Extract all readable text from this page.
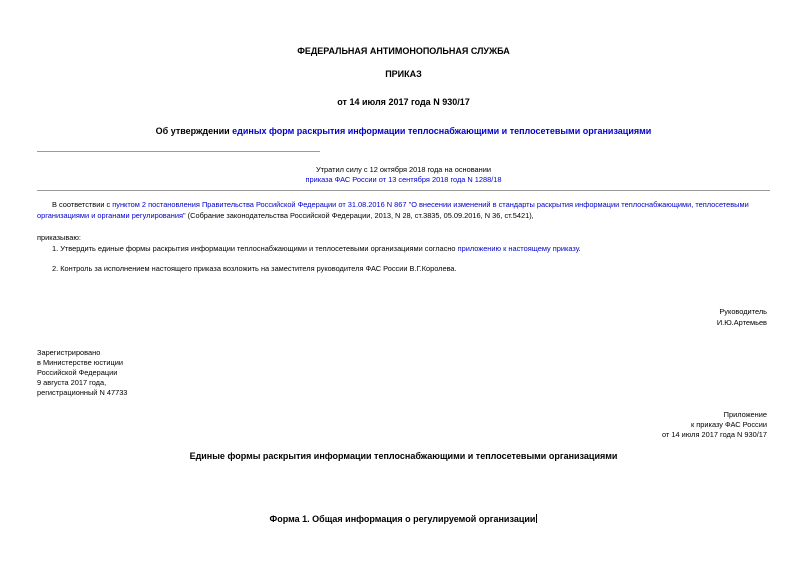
ФЕДЕРАЛЬНАЯ АНТИМОНОПОЛЬНАЯ СЛУЖБА
ПРИКАЗ
от 14 июля 2017 года N 930/17
Об утверждении единых форм раскрытия информации теплоснабжающими и теплосетевыми организациями
Утратил силу с 12 октября 2018 года на основании
приказа ФАС России от 13 сентября 2018 года N 1288/18
В соответствии с пунктом 2 постановления Правительства Российской Федерации от 31.08.2016 N 867 "О внесении изменений в стандарты раскрытия информации теплоснабжающими, теплосетевыми
организациями и органами регулирования" (Собрание законодательства Российской Федерации, 2013, N 28, ст.3835, 05.09.2016, N 36, ст.5421),
приказываю:
1. Утвердить единые формы раскрытия информации теплоснабжающими и теплосетевыми организациями согласно приложению к настоящему приказу.
2. Контроль за исполнением настоящего приказа возложить на заместителя руководителя ФАС России В.Г.Королева.
Руководитель
И.Ю.Артемьев
Зарегистрировано
в Министерстве юстиции
Российской Федерации
9 августа 2017 года,
регистрационный N 47733
Приложение
к приказу ФАС России
от 14 июля 2017 года N 930/17
Единые формы раскрытия информации теплоснабжающими и теплосетевыми организациями
Форма 1. Общая информация о регулируемой организации
